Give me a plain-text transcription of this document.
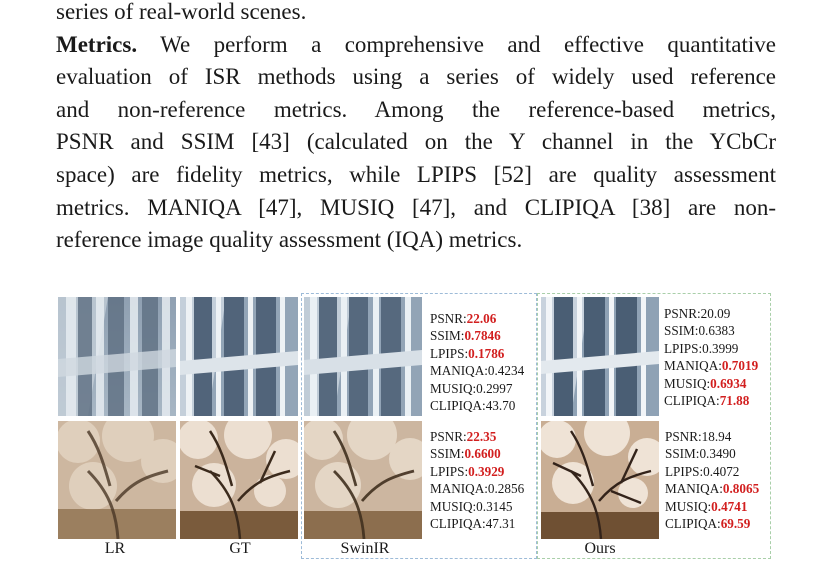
series of real-world scenes.
Metrics. We perform a comprehensive and effective quantitative
evaluation of ISR methods using a series of widely used reference
and non-reference metrics. Among the reference-based metrics,
PSNR and SSIM [43] (calculated on the Y channel in the YCbCr
space) are fidelity metrics, while LPIPS [52] are quality assessment
metrics. MANIQA [47], MUSIQ [47], and CLIPIQA [38] are non-
reference image quality assessment (IQA) metrics.
PSNR:22.06
SSIM:0.7846
LPIPS:0.1786
MANIQA:0.4234
MUSIQ:0.2997
CLIPIQA:43.70
PSNR:20.09
SSIM:0.6383
LPIPS:0.3999
MANIQA:0.7019
MUSIQ:0.6934
CLIPIQA:71.88
PSNR:22.35
SSIM:0.6600
LPIPS:0.3929
MANIQA:0.2856
MUSIQ:0.3145
CLIPIQA:47.31
PSNR:18.94
SSIM:0.3490
LPIPS:0.4072
MANIQA:0.8065
MUSIQ:0.4741
CLIPIQA:69.59
LR	GT	SwinIR	Ours
